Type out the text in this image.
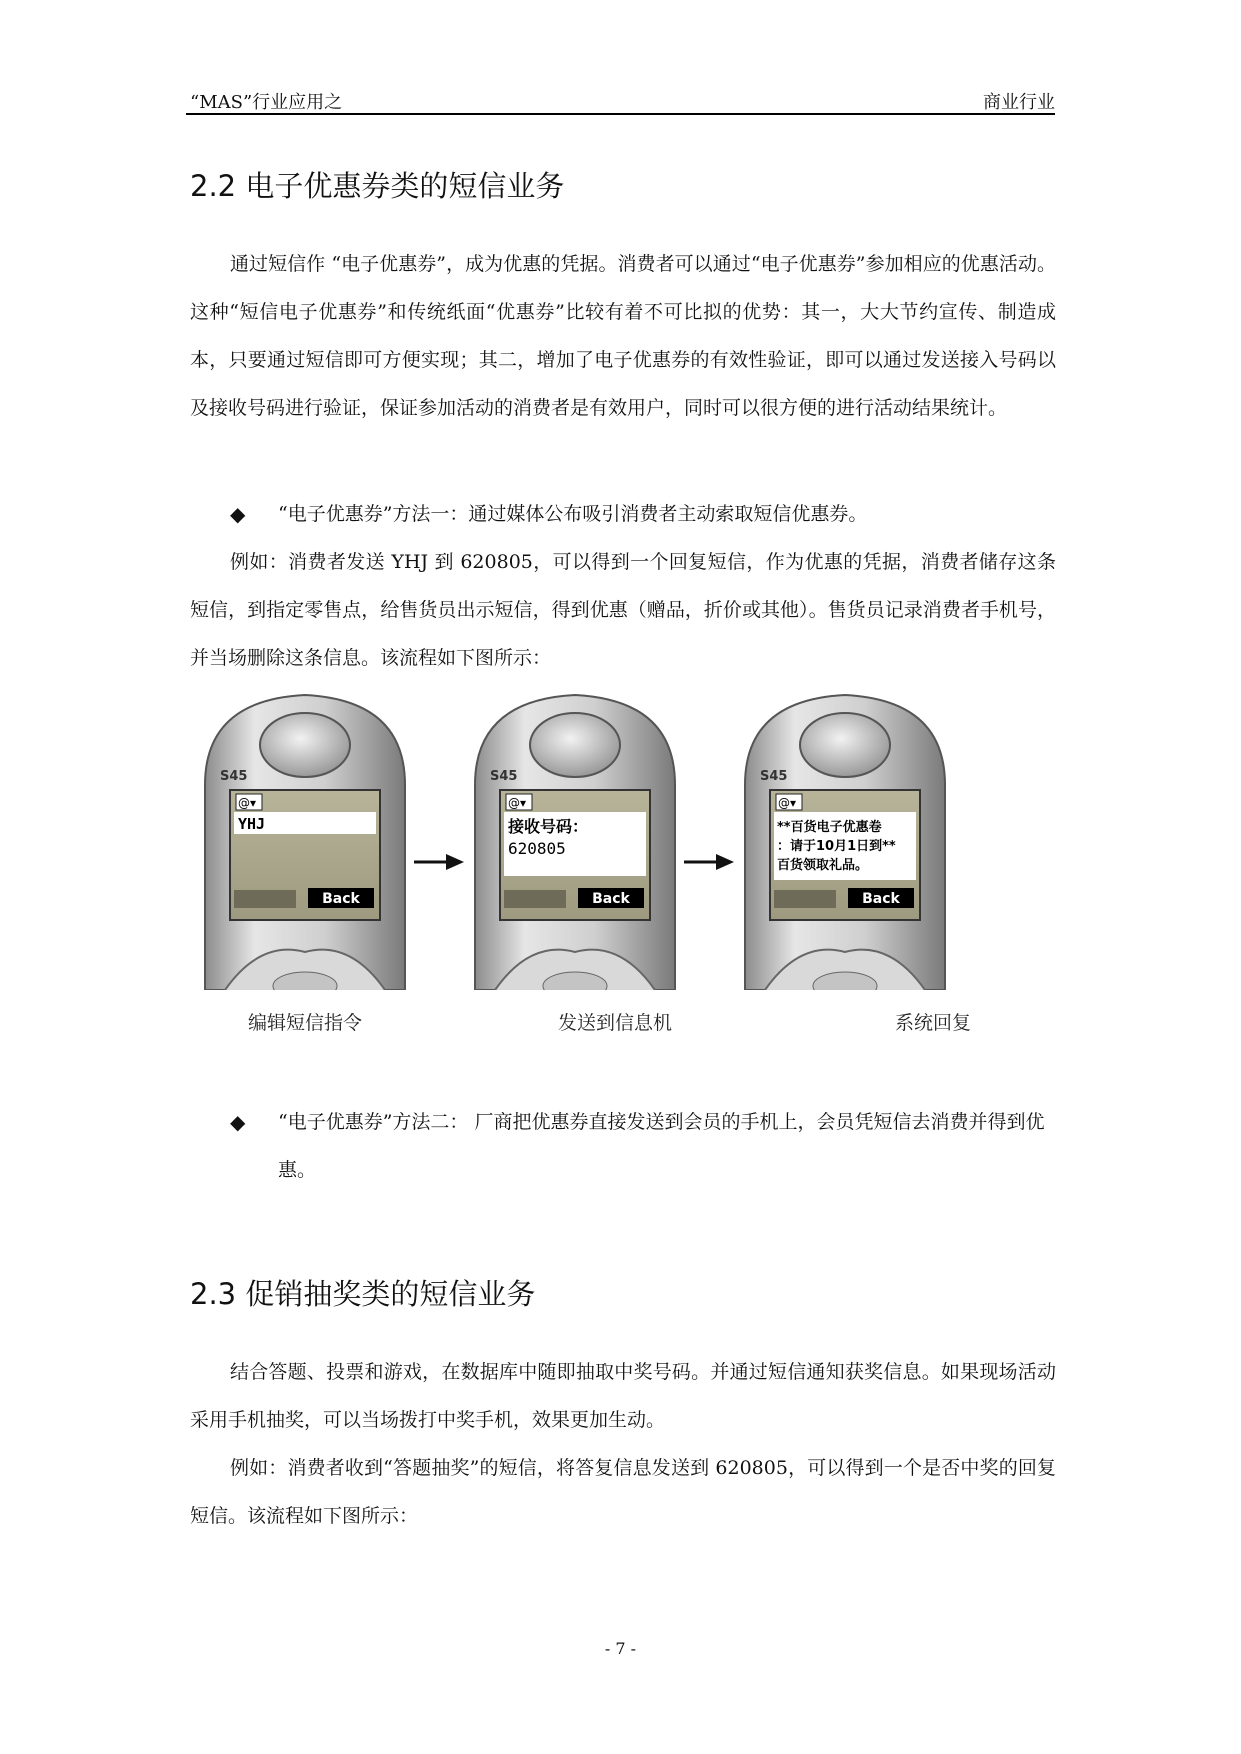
“MAS”行业应用之	商业行业
2.2 电子优惠券类的短信业务

通过短信作 “电子优惠券”，成为优惠的凭据。消费者可以通过“电子优惠券”参加相应的优惠活动。这种“短信电子优惠券”和传统纸面“优惠券”比较有着不可比拟的优势：其一，大大节约宣传、制造成本，只要通过短信即可方便实现；其二，增加了电子优惠券的有效性验证，即可以通过发送接入号码以及接收号码进行验证，保证参加活动的消费者是有效用户，同时可以很方便的进行活动结果统计。

◆ “电子优惠券”方法一：通过媒体公布吸引消费者主动索取短信优惠券。

例如：消费者发送 YHJ 到 620805，可以得到一个回复短信，作为优惠的凭据，消费者储存这条短信，到指定零售点，给售货员出示短信，得到优惠（赠品，折价或其他）。售货员记录消费者手机号，并当场删除这条信息。该流程如下图所示：

S45
@▾
YHJ
Back
S45
@▾
接收号码：
620805
Back
S45
@▾
**百货电子优惠卷
：请于10月1日到**
百货领取礼品。
Back
编辑短信指令	发送到信息机	系统回复
◆ “电子优惠券”方法二： 厂商把优惠券直接发送到会员的手机上，会员凭短信去消费并得到优惠。
2.3 促销抽奖类的短信业务

结合答题、投票和游戏，在数据库中随即抽取中奖号码。并通过短信通知获奖信息。如果现场活动采用手机抽奖，可以当场拨打中奖手机，效果更加生动。

例如：消费者收到“答题抽奖”的短信，将答复信息发送到 620805，可以得到一个是否中奖的回复短信。该流程如下图所示：

- 7 -
